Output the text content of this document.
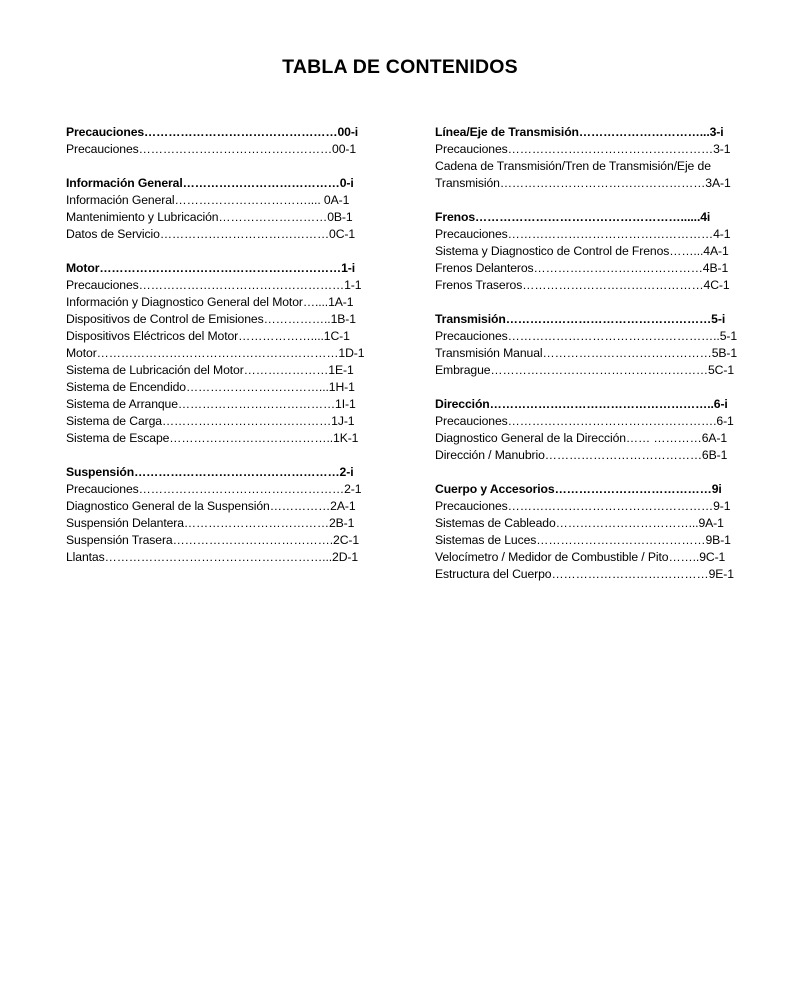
TABLA DE CONTENIDOS
Precauciones…………………………………………00-i
Precauciones…………………………………………00-1
Información General…………………………………0-i
Información General…………………………….... 0A-1
Mantenimiento y Lubricación………………………0B-1
Datos de Servicio……………………………………0C-1
Motor……………………………………………………1-i
Precauciones……………………………………………1-1
Información y Diagnostico General del Motor…....1A-1
Dispositivos de Control de Emisiones……………..1B-1
Dispositivos Eléctricos del Motor………………....1C-1
Motor……………………………………………………1D-1
Sistema de Lubricación del Motor…………………1E-1
Sistema de Encendido……………………………...1H-1
Sistema de Arranque…………………………………1I-1
Sistema de Carga……………………………………1J-1
Sistema de Escape…………………………………..1K-1
Suspensión……………………………………………2-i
Precauciones……………………………………………2-1
Diagnostico General de la Suspensión……………2A-1
Suspensión Delantera………………………………2B-1
Suspensión Trasera………………………………….2C-1
Llantas………………………………………………...2D-1
Línea/Eje de Transmisión…………………………...3-i
Precauciones……………………………………………3-1
Cadena de Transmisión/Tren de Transmisión/Eje de Transmisión……………………………………………3A-1
Frenos……………………………………………......4i
Precauciones……………………………………………4-1
Sistema y Diagnostico de Control de Frenos……...4A-1
Frenos Delanteros……………………………………4B-1
Frenos Traseros………………………………………4C-1
Transmisión……………………………………………5-i
Precauciones……………………………………………..5-1
Transmisión Manual……………………………………5B-1
Embrague………………………………………………5C-1
Dirección………………………………………………..6-i
Precauciones…………………………………………….6-1
Diagnostico General de la Dirección…… …………6A-1
Dirección / Manubrio…………………………………6B-1
Cuerpo y Accesorios…………………………………9i
Precauciones……………………………………………9-1
Sistemas de Cableado……………………………...9A-1
Sistemas de Luces……………………………………9B-1
Velocímetro / Medidor de Combustible / Pito……..9C-1
Estructura del Cuerpo…………………………………9E-1
